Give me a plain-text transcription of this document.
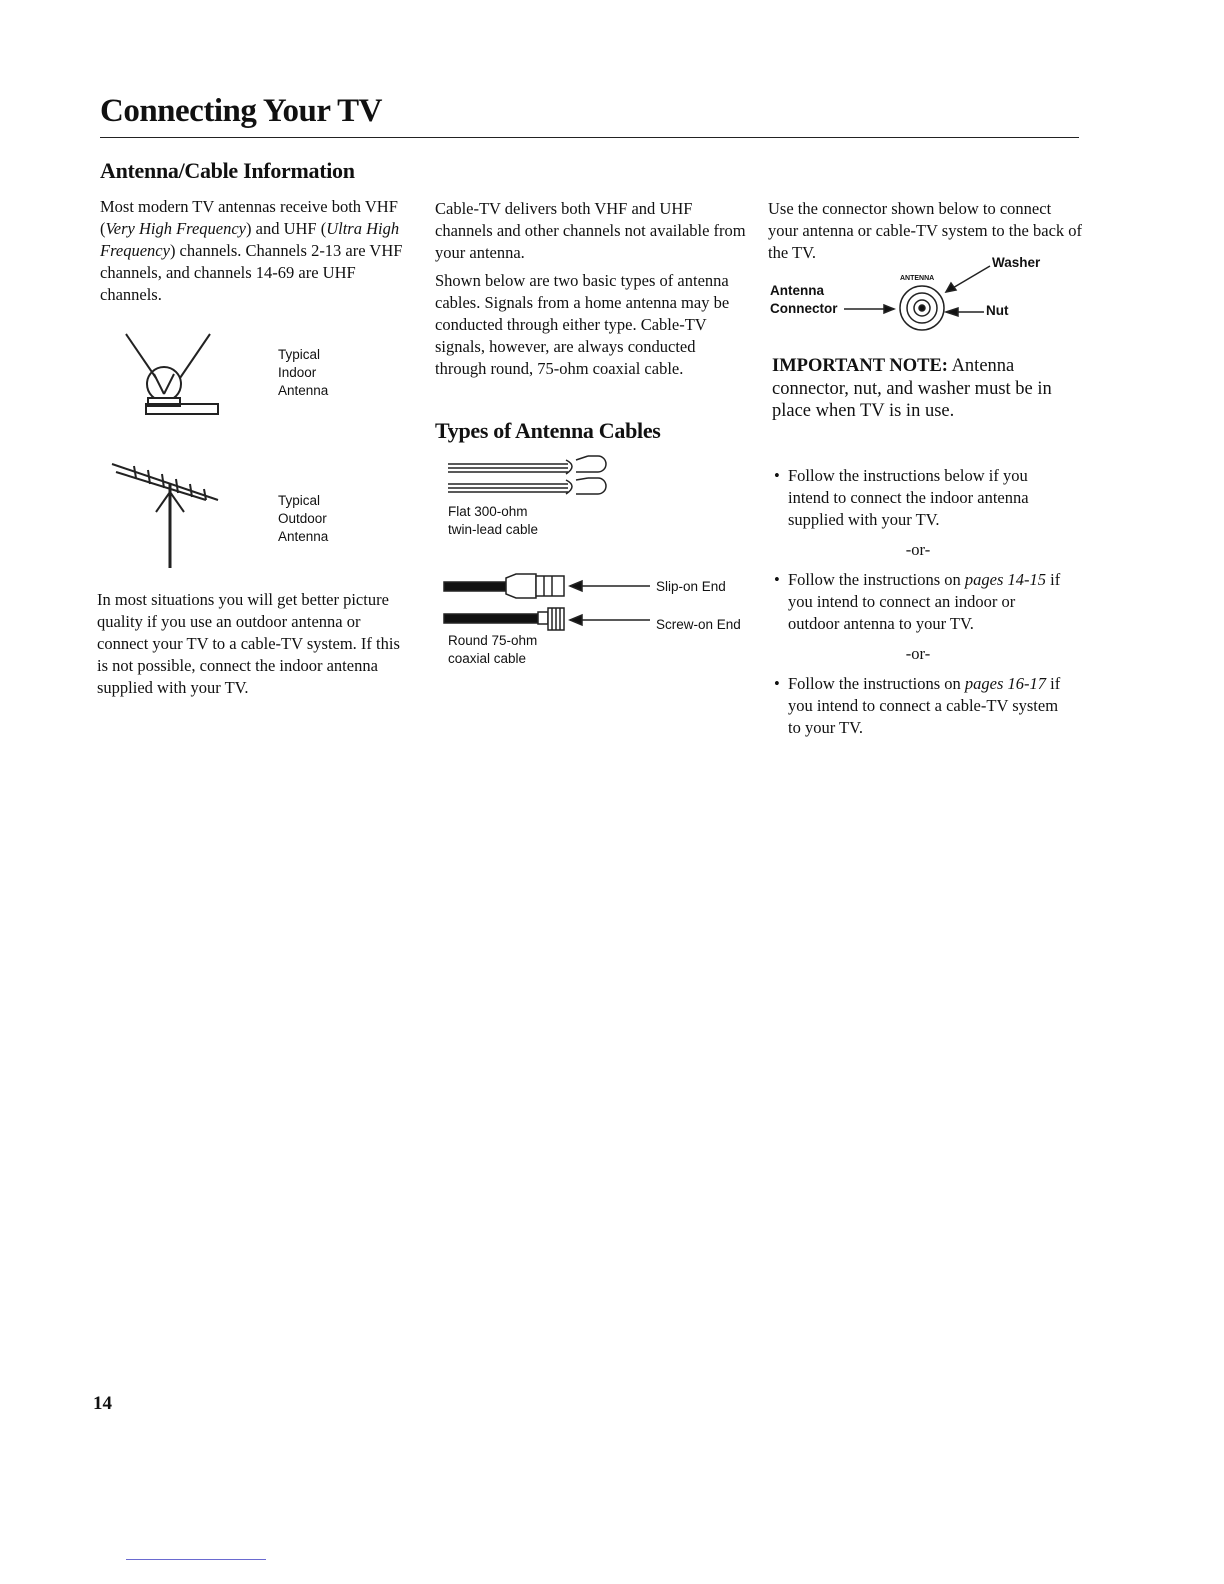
Connecting Your TV
Antenna/Cable Information

Most modern TV antennas receive both VHF (Very High Frequency) and UHF (Ultra High Frequency) channels. Channels 2-13 are VHF channels, and channels 14-69 are UHF channels.

Typical
Indoor
Antenna
Typical
Outdoor
Antenna

In most situations you will get better picture quality if you use an outdoor antenna or connect your TV to a cable-TV system. If this is not possible, connect the indoor antenna supplied with your TV.

Cable-TV delivers both VHF and UHF channels and other channels not available from your antenna.

Shown below are two basic types of antenna cables. Signals from a home antenna may be conducted through either type. Cable-TV signals, however, are always conducted through round, 75-ohm coaxial cable.

Types of Antenna Cables
Flat 300-ohm
twin-lead cable
Slip-on End
Screw-on End
Round 75-ohm
coaxial cable

Use the connector shown below to connect your antenna or cable-TV system to the back of the TV.

ANTENNA
Washer
Antenna
Connector	Nut

IMPORTANT NOTE: Antenna connector, nut, and washer must be in place when TV is in use.

• Follow the instructions below if you intend to connect the indoor antenna supplied with your TV.
-or-
• Follow the instructions on pages 14-15 if you intend to connect an indoor or outdoor antenna to your TV.
-or-
• Follow the instructions on pages 16-17 if you intend to connect a cable-TV system to your TV.
14
